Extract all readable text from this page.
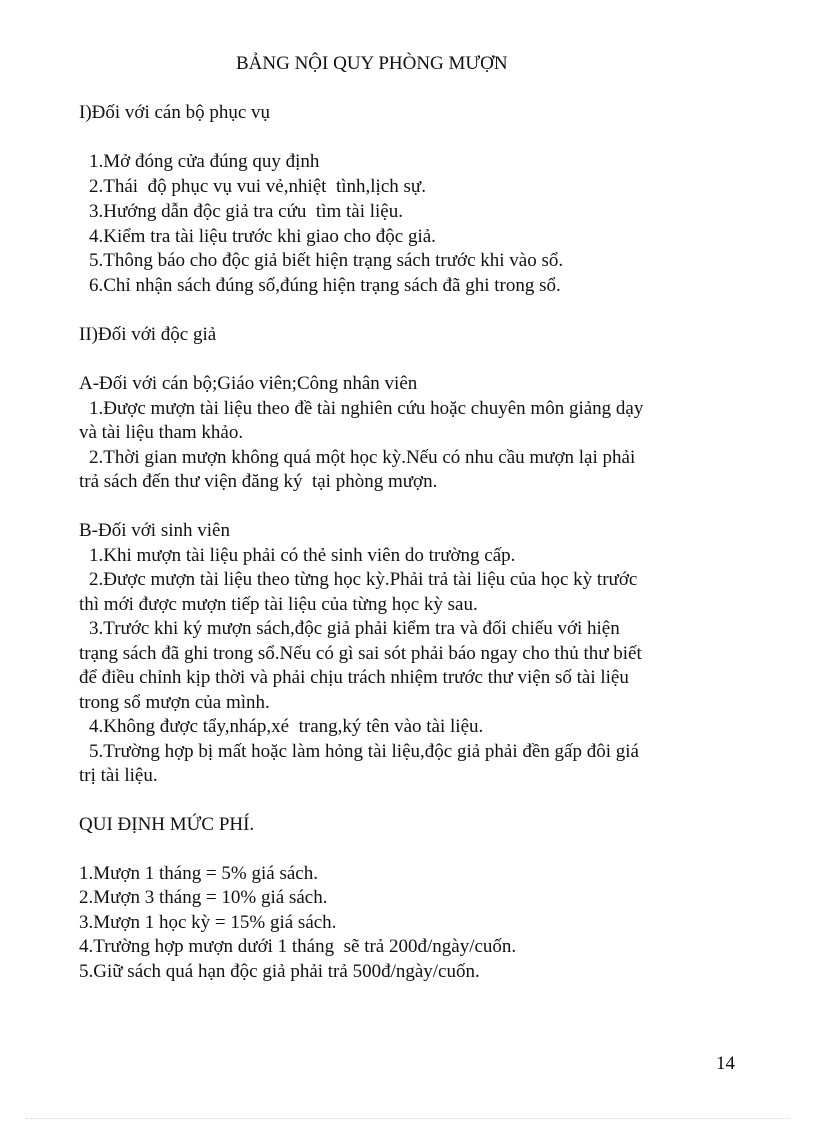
BẢNG NỘI QUY PHÒNG MƯỢN
I)Đối với cán bộ phục vụ
1.Mở đóng cửa đúng quy định
2.Thái  độ phục vụ vui vẻ,nhiệt  tình,lịch sự.
3.Hướng dẫn độc giả tra cứu  tìm tài liệu.
4.Kiểm tra tài liệu trước khi giao cho độc giả.
5.Thông báo cho độc giả biết hiện trạng sách trước khi vào sổ.
6.Chỉ nhận sách đúng số,đúng hiện trạng sách đã ghi trong sổ.
II)Đối với độc giả
A-Đối với cán bộ;Giáo viên;Công nhân viên
1.Được mượn tài liệu theo đề tài nghiên cứu hoặc chuyên môn giảng dạy
và tài liệu tham khảo.
2.Thời gian mượn không quá một học kỳ.Nếu có nhu cầu mượn lại phải
trả sách đến thư viện đăng ký  tại phòng mượn.
B-Đối với sinh viên
1.Khi mượn tài liệu phải có thẻ sinh viên do trường cấp.
2.Được mượn tài liệu theo từng học kỳ.Phải trả tài liệu của học kỳ trước
thì mới được mượn tiếp tài liệu của từng học kỳ sau.
3.Trước khi ký mượn sách,độc giả phải kiểm tra và đối chiếu với hiện
trạng sách đã ghi trong sổ.Nếu có gì sai sót phải báo ngay cho thủ thư biết
để điều chỉnh kịp thời và phải chịu trách nhiệm trước thư viện số tài liệu
trong sổ mượn của mình.
4.Không được tẩy,nháp,xé  trang,ký tên vào tài liệu.
5.Trường hợp bị mất hoặc làm hỏng tài liệu,độc giả phải đền gấp đôi giá
trị tài liệu.
QUI ĐỊNH MỨC PHÍ.
1.Mượn 1 tháng = 5% giá sách.
2.Mượn 3 tháng = 10% giá sách.
3.Mượn 1 học kỳ = 15% giá sách.
4.Trường hợp mượn dưới 1 tháng  sẽ trả 200đ/ngày/cuốn.
5.Giữ sách quá hạn độc giả phải trả 500đ/ngày/cuốn.
14
